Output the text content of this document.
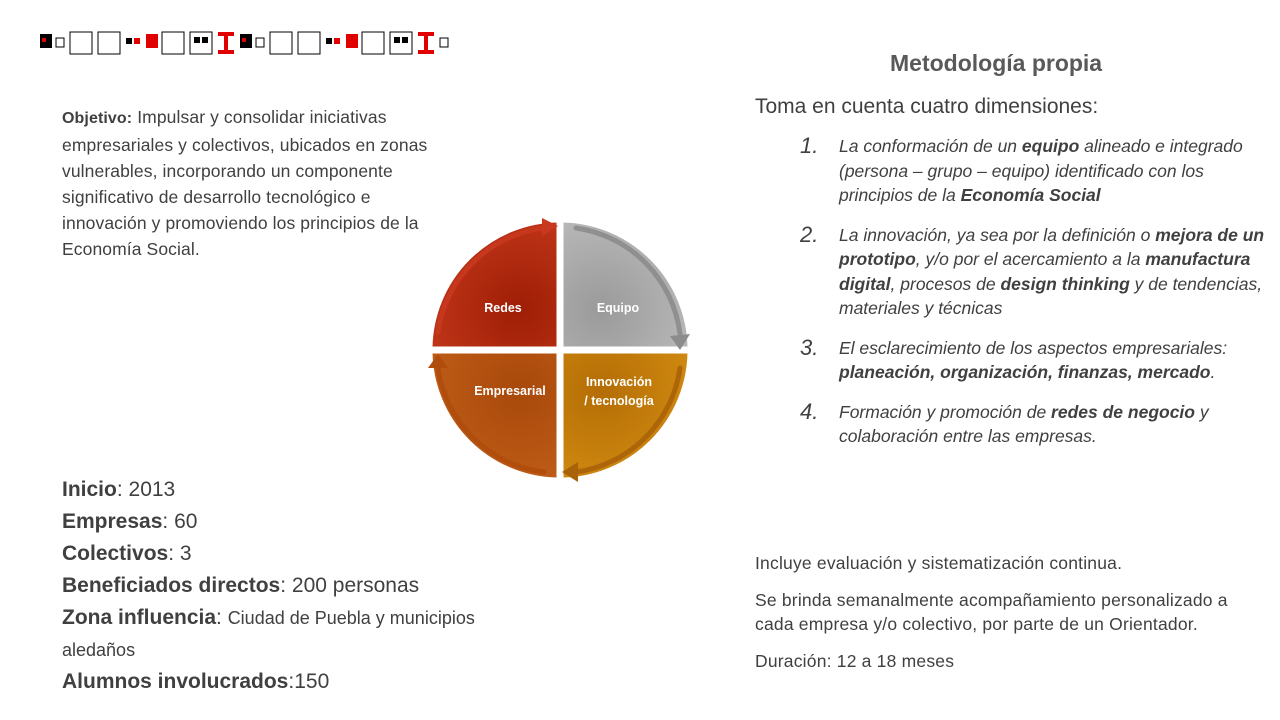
Objetivo: Impulsar y consolidar iniciativas empresariales y colectivos, ubicados en zonas vulnerables, incorporando un componente significativo de desarrollo tecnológico e innovación y promoviendo los principios de la Economía Social.
Inicio: 2013
Empresas: 60
Colectivos: 3
Beneficiados directos: 200 personas
Zona influencia: Ciudad de Puebla y municipios aledaños
Alumnos involucrados:150
Redes	Equipo
Innovación
/ tecnología
Empresarial
Metodología propia
Toma en cuenta cuatro dimensiones:
1. La conformación de un equipo alineado e integrado (persona – grupo – equipo) identificado con los principios de la Economía Social
2. La innovación, ya sea por la definición o mejora de un prototipo, y/o por el acercamiento a la manufactura digital, procesos de design thinking y de tendencias, materiales y técnicas
3. El esclarecimiento de los aspectos empresariales: planeación, organización, finanzas, mercado.
4. Formación y promoción de redes de negocio y colaboración entre las empresas.
Incluye evaluación y sistematización continua.
Se brinda semanalmente acompañamiento personalizado a cada empresa y/o colectivo, por parte de un Orientador.
Duración: 12 a 18 meses
